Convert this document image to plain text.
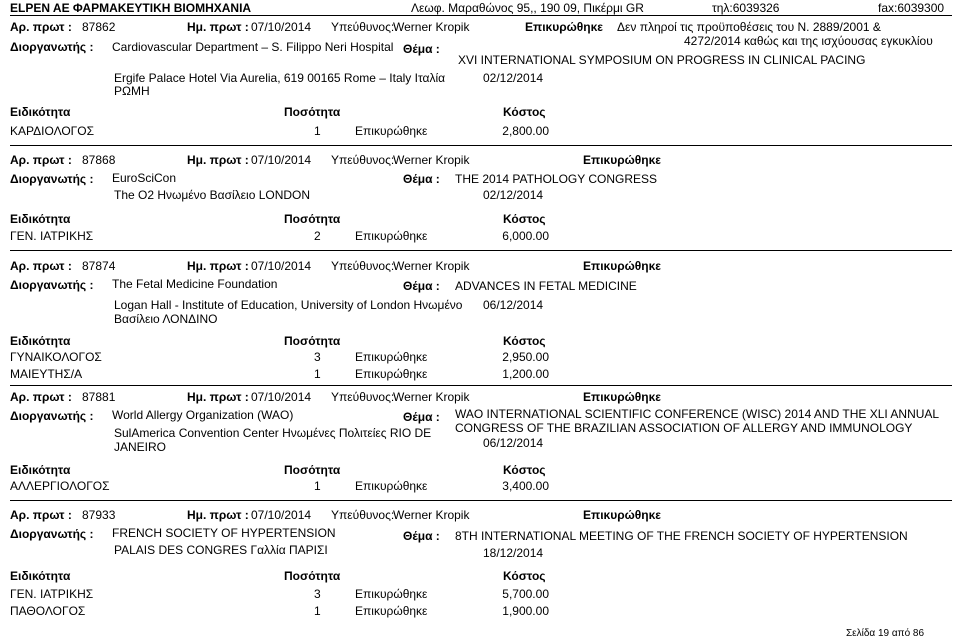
ELPEN AE ΦΑΡΜΑΚΕΥΤΙΚΗ ΒΙΟΜΗΧΑΝΙΑ	Λεωφ. Μαραθώνος 95,, 190 09, Πικέρμι GR	τηλ:6039326	fax:6039300
Αρ. πρωτ : 87862	Ημ. πρωτ : 07/10/2014 Υπεύθυνος:
Werner Kropik	Επικυρώθηκε Δεν πληροί τις προϋποθέσεις του Ν. 2889/2001 &
4272/2014 καθώς και της ισχύουσας εγκυκλίου
Διοργανωτής : Cardiovascular Department – S. Filippo Neri Hospital Θέμα :
XVI INTERNATIONAL SYMPOSIUM ON PROGRESS IN CLINICAL PACING
Ergife Palace Hotel Via Aurelia, 619 00165 Rome – Italy Ιταλία
ΡΩΜΗ
02/12/2014
Ειδικότητα	Ποσότητα	Κόστος
ΚΑΡΔΙΟΛΟΓΟΣ	1	Επικυρώθηκε	2,800.00
Αρ. πρωτ : 87868	Ημ. πρωτ : 07/10/2014 Υπεύθυνος:
Werner Kropik	Επικυρώθηκε
Διοργανωτής : EuroSciCon	Θέμα : THE 2014 PATHOLOGY CONGRESS
The O2 Ηνωμένο Βασίλειο LONDON	02/12/2014
Ειδικότητα	Ποσότητα	Κόστος
ΓΕΝ. ΙΑΤΡΙΚΗΣ	2	Επικυρώθηκε	6,000.00
Αρ. πρωτ : 87874	Ημ. πρωτ : 07/10/2014 Υπεύθυνος:
Werner Kropik	Επικυρώθηκε
Διοργανωτής : The Fetal Medicine Foundation	Θέμα : ADVANCES IN FETAL MEDICINE
Logan Hall - Institute of Education, University of London Ηνωμένο
Βασίλειο ΛΟΝΔΙΝΟ
06/12/2014
Ειδικότητα	Ποσότητα	Κόστος
ΓΥΝΑΙΚΟΛΟΓΟΣ	3	Επικυρώθηκε	2,950.00
ΜΑΙΕΥΤΗΣ/Α	1	Επικυρώθηκε	1,200.00
Αρ. πρωτ : 87881	Ημ. πρωτ : 07/10/2014 Υπεύθυνος:
Werner Kropik	Επικυρώθηκε
Διοργανωτής : World Allergy Organization (WAO)	Θέμα : WAO INTERNATIONAL SCIENTIFIC CONFERENCE (WISC) 2014 AND THE XLI ANNUAL
CONGRESS OF THE BRAZILIAN ASSOCIATION OF ALLERGY AND IMMUNOLOGY
SulAmerica Convention Center Ηνωμένες Πολιτείες RIO DE
JANEIRO	06/12/2014
Ειδικότητα	Ποσότητα	Κόστος
ΑΛΛΕΡΓΙΟΛΟΓΟΣ	1	Επικυρώθηκε	3,400.00
Αρ. πρωτ : 87933	Ημ. πρωτ : 07/10/2014 Υπεύθυνος:
Werner Kropik	Επικυρώθηκε
Διοργανωτής : FRENCH SOCIETY OF HYPERTENSION	Θέμα : 8TH INTERNATIONAL MEETING OF THE FRENCH SOCIETY OF HYPERTENSION
PALAIS DES CONGRES Γαλλία ΠΑΡΙΣΙ	18/12/2014
Ειδικότητα	Ποσότητα	Κόστος
ΓΕΝ. ΙΑΤΡΙΚΗΣ	3	Επικυρώθηκε	5,700.00
ΠΑΘΟΛΟΓΟΣ	1	Επικυρώθηκε	1,900.00
Σελίδα 19 από 86
